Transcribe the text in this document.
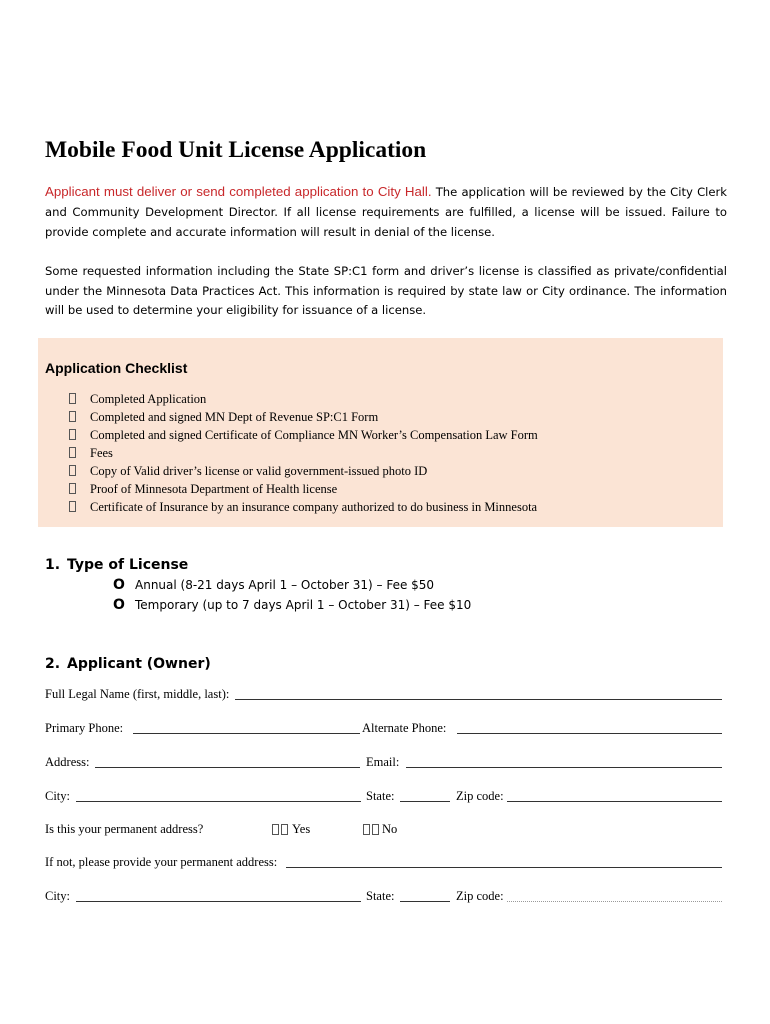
Mobile Food Unit License Application
Applicant must deliver or send completed application to City Hall. The application will be reviewed by the City Clerk and Community Development Director. If all license requirements are fulfilled, a license will be issued. Failure to provide complete and accurate information will result in denial of the license.
Some requested information including the State SP:C1 form and driver’s license is classified as private/confidential under the Minnesota Data Practices Act. This information is required by state law or City ordinance. The information will be used to determine your eligibility for issuance of a license.
Application Checklist
Completed Application
Completed and signed MN Dept of Revenue SP:C1 Form
Completed and signed Certificate of Compliance MN Worker’s Compensation Law Form
Fees
Copy of Valid driver’s license or valid government-issued photo ID
Proof of Minnesota Department of Health license
Certificate of Insurance by an insurance company authorized to do business in Minnesota
1. Type of License
O Annual (8-21 days April 1 – October 31) – Fee $50
O Temporary (up to 7 days April 1 – October 31) – Fee $10
2. Applicant (Owner)
Full Legal Name (first, middle, last):
Primary Phone:	Alternate Phone:
Address:	Email:
City:	State:	Zip code:
Is this your permanent address?	Yes	No
If not, please provide your permanent address:
City:	State:	Zip code:
